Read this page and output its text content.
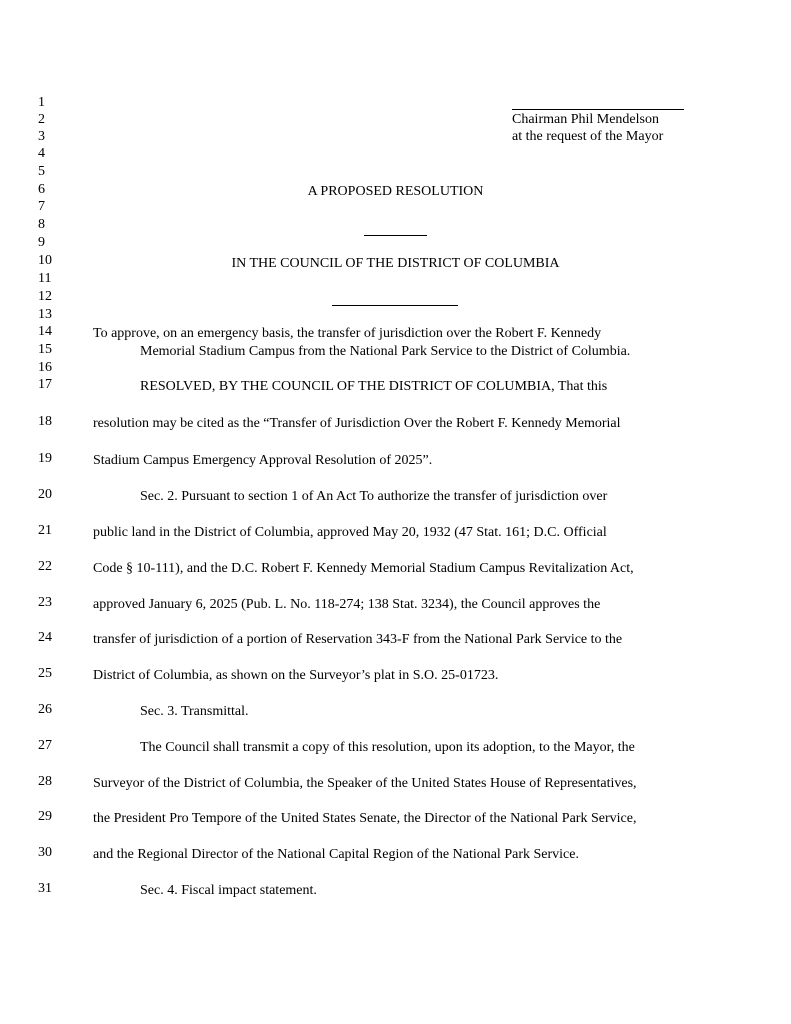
1
2
3
4
5
6
7
8
9
10
11
12
13
14
15
16
17
18
19
20
21
22
23
24
25
26
27
28
29
30
31
Chairman Phil Mendelson
at the request of the Mayor
A PROPOSED RESOLUTION
IN THE COUNCIL OF THE DISTRICT OF COLUMBIA
To approve, on an emergency basis, the transfer of jurisdiction over the Robert F. Kennedy
Memorial Stadium Campus from the National Park Service to the District of Columbia.
RESOLVED, BY THE COUNCIL OF THE DISTRICT OF COLUMBIA, That this
resolution may be cited as the “Transfer of Jurisdiction Over the Robert F. Kennedy Memorial
Stadium Campus Emergency Approval Resolution of 2025”.
Sec. 2. Pursuant to section 1 of An Act To authorize the transfer of jurisdiction over
public land in the District of Columbia, approved May 20, 1932 (47 Stat. 161; D.C. Official
Code § 10-111), and the D.C. Robert F. Kennedy Memorial Stadium Campus Revitalization Act,
approved January 6, 2025 (Pub. L. No. 118-274; 138 Stat. 3234), the Council approves the
transfer of jurisdiction of a portion of Reservation 343-F from the National Park Service to the
District of Columbia, as shown on the Surveyor’s plat in S.O. 25-01723.
Sec. 3. Transmittal.
The Council shall transmit a copy of this resolution, upon its adoption, to the Mayor, the
Surveyor of the District of Columbia, the Speaker of the United States House of Representatives,
the President Pro Tempore of the United States Senate, the Director of the National Park Service,
and the Regional Director of the National Capital Region of the National Park Service.
Sec. 4. Fiscal impact statement.
